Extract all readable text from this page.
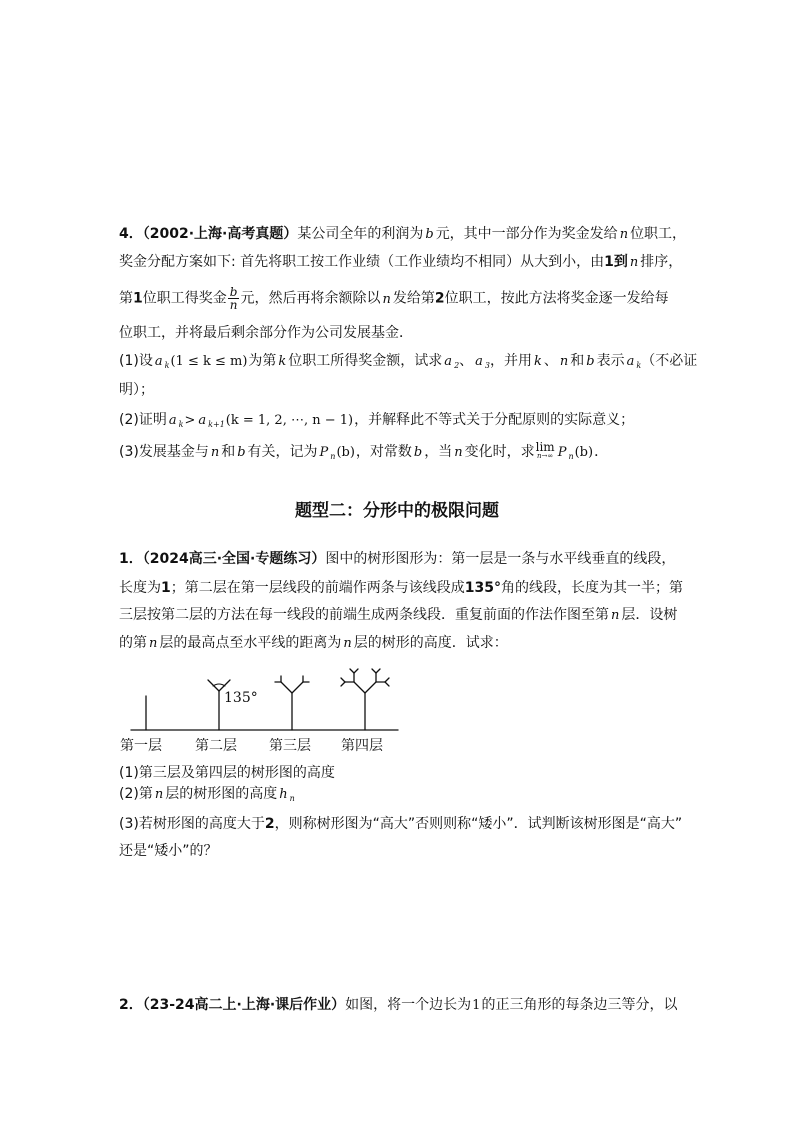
4．（2002·上海·高考真题）某公司全年的利润为 b 元，其中一部分作为奖金发给 n 位职工，
奖金分配方案如下: 首先将职工按工作业绩（工作业绩均不相同）从大到小，由1到 n 排序，
第1位职工得奖金 $\frac{b}{n}$ 元，然后再将余额除以 n 发给第2位职工，按此方法将奖金逐一发给每
位职工，并将最后剩余部分作为公司发展基金．
(1)设 a $_k$(1 ≤ k ≤ m)为第 k 位职工所得奖金额，试求 a $_2$、 a $_3$，并用 k 、 n 和 b 表示 a $_k$（不必证
明）；
(2)证明 a $_k$> a $_{k+1}$(k = 1, 2, ⋯, n − 1)，并解释此不等式关于分配原则的实际意义；
(3)发展基金与 n 和 b 有关，记为 P $_n$(b)，对常数 b ，当 n 变化时，求 lim
n→∞ P $_n$(b)．
题型二：分形中的极限问题
1．（2024高三·全国·专题练习）图中的树形图形为：第一层是一条与水平线垂直的线段，
长度为1；第二层在第一层线段的前端作两条与该线段成135°角的线段，长度为其一半；第
三层按第二层的方法在每一线段的前端生成两条线段．重复前面的作法作图至第 n 层．设树
的第 n 层的最高点至水平线的距离为 n 层的树形的高度．试求：
135°
第一层 第二层 第三层 第四层
(1)第三层及第四层的树形图的高度
(2)第 n 层的树形图的高度 h $_n$
(3)若树形图的高度大于2，则称树形图为“高大”否则则称“矮小”．试判断该树形图是“高大”
还是“矮小”的？
2．（23-24高二上·上海·课后作业）如图，将一个边长为1的正三角形的每条边三等分，以
